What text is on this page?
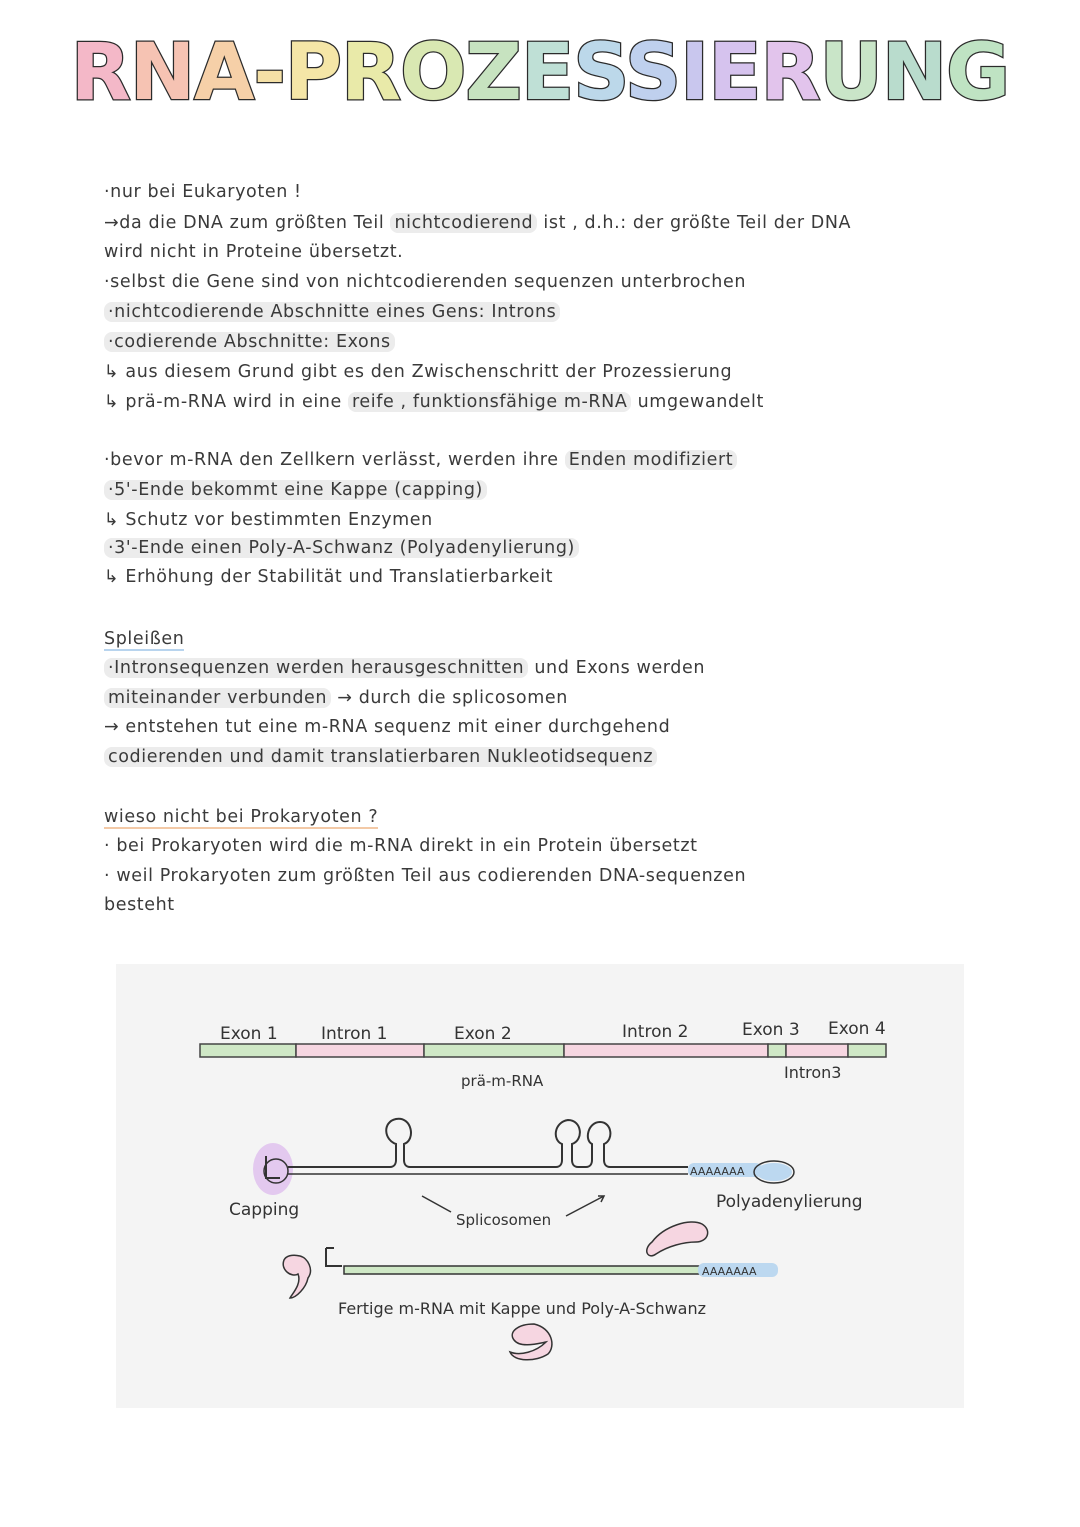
RNA-PROZESSIERUNG
·nur bei Eukaryoten !
→da die DNA zum größten Teil nichtcodierend ist , d.h.: der größte Teil der DNA
wird nicht in Proteine übersetzt.
·selbst die Gene sind von nichtcodierenden sequenzen unterbrochen
·nichtcodierende Abschnitte eines Gens: Introns
·codierende Abschnitte: Exons
↳ aus diesem Grund gibt es den Zwischenschritt der Prozessierung
↳ prä-m-RNA wird in eine reife , funktionsfähige m-RNA umgewandelt
·bevor m-RNA den Zellkern verlässt, werden ihre Enden modifiziert
·5'-Ende bekommt eine Kappe (capping)
↳ Schutz vor bestimmten Enzymen
·3'-Ende einen Poly-A-Schwanz (Polyadenylierung)
↳ Erhöhung der Stabilität und Translatierbarkeit
Spleißen
·Intronsequenzen werden herausgeschnitten und Exons werden
miteinander verbunden → durch die splicosomen
→ entstehen tut eine m-RNA sequenz mit einer durchgehend
codierenden und damit translatierbaren Nukleotidsequenz
wieso nicht bei Prokaryoten ?
· bei Prokaryoten wird die m-RNA direkt in ein Protein übersetzt
· weil Prokaryoten zum größten Teil aus codierenden DNA-sequenzen
besteht
Exon 1	Intron 1	Exon 2	Intron 2	Exon 3 Exon 4
Intron3
prä-m-RNA
AAAAAAA
Capping	Polyadenylierung
Splicosomen
AAAAAAA
Fertige m-RNA mit Kappe und Poly-A-Schwanz
